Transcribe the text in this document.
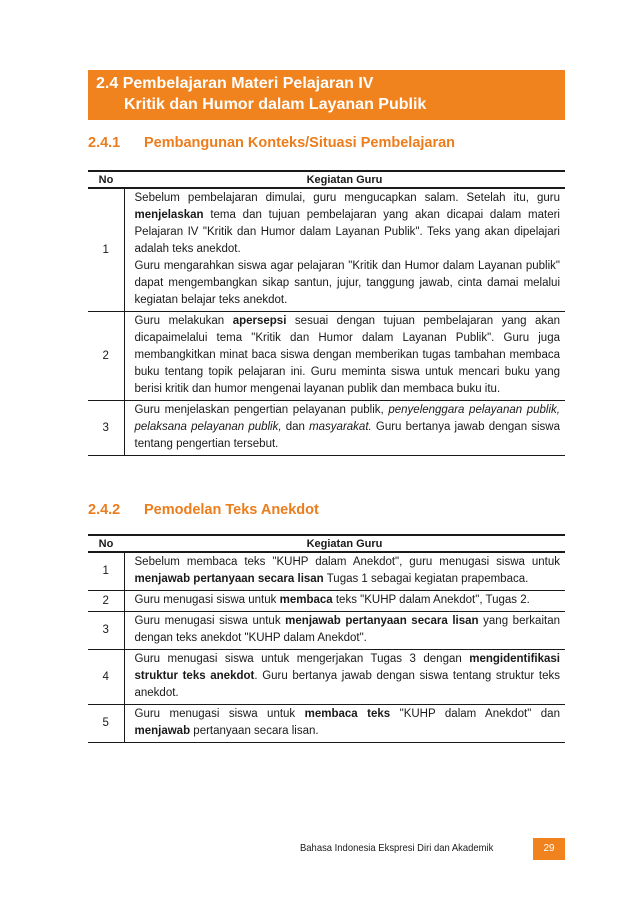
2.4 Pembelajaran Materi Pelajaran IV
Kritik dan Humor dalam Layanan Publik
2.4.1 Pembangunan Konteks/Situasi Pembelajaran
No	Kegiatan Guru
1	Sebelum pembelajaran dimulai, guru mengucapkan salam. Setelah itu, guru menjelaskan tema dan tujuan pembelajaran yang akan dicapai dalam materi Pelajaran IV "Kritik dan Humor dalam Layanan Publik". Teks yang akan dipelajari adalah teks anekdot.
Guru mengarahkan siswa agar pelajaran "Kritik dan Humor dalam Layanan publik" dapat mengembangkan sikap santun, jujur, tanggung jawab, cinta damai melalui kegiatan belajar teks anekdot.

2	Guru melakukan apersepsi sesuai dengan tujuan pembelajaran yang akan dicapaimelalui tema "Kritik dan Humor dalam Layanan Publik". Guru juga membangkitkan minat baca siswa dengan memberikan tugas tambahan membaca buku tentang topik pelajaran ini. Guru meminta siswa untuk mencari buku yang berisi kritik dan humor mengenai layanan publik dan membaca buku itu.
3	Guru menjelaskan pengertian pelayanan publik, penyelenggara pelayanan publik, pelaksana pelayanan publik, dan masyarakat. Guru bertanya jawab dengan siswa tentang pengertian tersebut.
2.4.2 Pemodelan Teks Anekdot
No	Kegiatan Guru
1	Sebelum membaca teks "KUHP dalam Anekdot", guru menugasi siswa untuk menjawab pertanyaan secara lisan Tugas 1 sebagai kegiatan prapembaca.
2	Guru menugasi siswa untuk membaca teks "KUHP dalam Anekdot", Tugas 2.
3	Guru menugasi siswa untuk menjawab pertanyaan secara lisan yang berkaitan dengan teks anekdot "KUHP dalam Anekdot".
4	Guru menugasi siswa untuk mengerjakan Tugas 3 dengan mengidentifikasi struktur teks anekdot. Guru bertanya jawab dengan siswa tentang struktur teks anekdot.
5	Guru menugasi siswa untuk membaca teks "KUHP dalam Anekdot" dan menjawab pertanyaan secara lisan.
Bahasa Indonesia Ekspresi Diri dan Akademik	29
